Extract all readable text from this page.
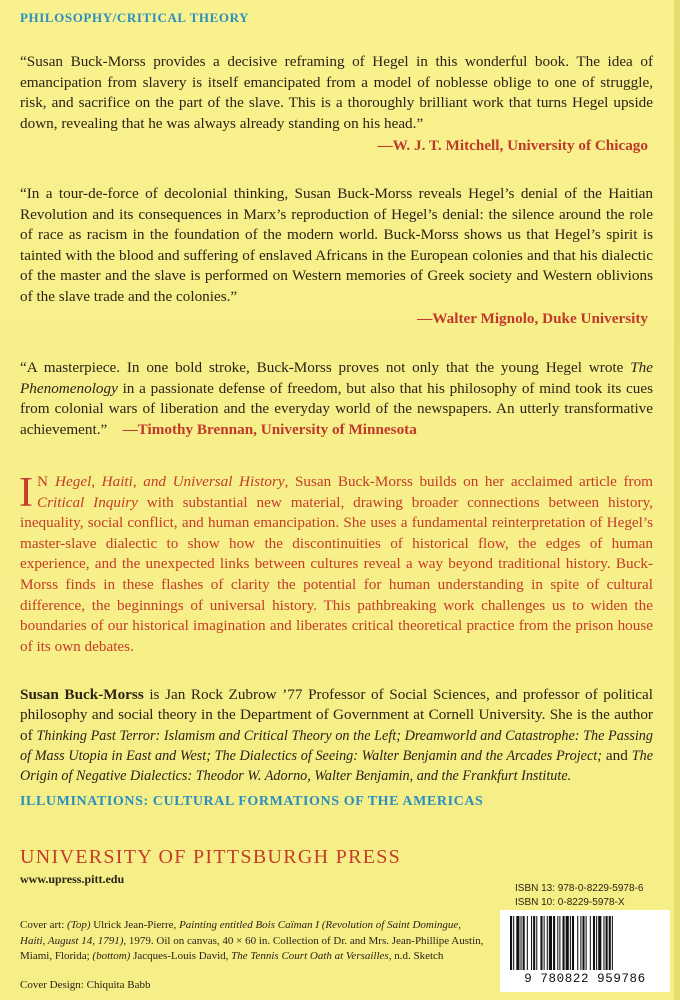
PHILOSOPHY/CRITICAL THEORY
“Susan Buck-Morss provides a decisive reframing of Hegel in this wonderful book. The idea of emancipation from slavery is itself emancipated from a model of noblesse oblige to one of struggle, risk, and sacrifice on the part of the slave. This is a thoroughly brilliant work that turns Hegel upside down, revealing that he was always already standing on his head.”
—W. J. T. Mitchell, University of Chicago
“In a tour-de-force of decolonial thinking, Susan Buck-Morss reveals Hegel’s denial of the Haitian Revolution and its consequences in Marx’s reproduction of Hegel’s denial: the silence around the role of race as racism in the foundation of the modern world. Buck-Morss shows us that Hegel’s spirit is tainted with the blood and suffering of enslaved Africans in the European colonies and that his dialectic of the master and the slave is performed on Western memories of Greek society and Western oblivions of the slave trade and the colonies.”
—Walter Mignolo, Duke University
“A masterpiece. In one bold stroke, Buck-Morss proves not only that the young Hegel wrote The Phenomenology in a passionate defense of freedom, but also that his philosophy of mind took its cues from colonial wars of liberation and the everyday world of the newspapers. An utterly transformative achievement.” —Timothy Brennan, University of Minnesota
I N Hegel, Haiti, and Universal History, Susan Buck-Morss builds on her acclaimed article from Critical Inquiry with substantial new material, drawing broader connections between history, inequality, social conflict, and human emancipation. She uses a fundamental reinterpretation of Hegel’s master-slave dialectic to show how the discontinuities of historical flow, the edges of human experience, and the unexpected links between cultures reveal a way beyond traditional history. Buck-Morss finds in these flashes of clarity the potential for human understanding in spite of cultural difference, the beginnings of universal history. This pathbreaking work challenges us to widen the boundaries of our historical imagination and liberates critical theoretical practice from the prison house of its own debates.
Susan Buck-Morss is Jan Rock Zubrow ’77 Professor of Social Sciences, and professor of political philosophy and social theory in the Department of Government at Cornell University. She is the author of Thinking Past Terror: Islamism and Critical Theory on the Left; Dreamworld and Catastrophe: The Passing of Mass Utopia in East and West; The Dialectics of Seeing: Walter Benjamin and the Arcades Project; and The Origin of Negative Dialectics: Theodor W. Adorno, Walter Benjamin, and the Frankfurt Institute.
ILLUMINATIONS: CULTURAL FORMATIONS OF THE AMERICAS
UNIVERSITY OF PITTSBURGH PRESS
www.upress.pitt.edu
Cover art: (Top) Ulrick Jean-Pierre, Painting entitled Bois Caïman I (Revolution of Saint Domingue, Haiti, August 14, 1791), 1979. Oil on canvas, 40 × 60 in. Collection of Dr. and Mrs. Jean-Phillipe Austin, Miami, Florida; (bottom) Jacques-Louis David, The Tennis Court Oath at Versailles, n.d. Sketch
Cover Design: Chiquita Babb
ISBN 13: 978-0-8229-5978-6
ISBN 10: 0-8229-5978-X
9 780822 959786
